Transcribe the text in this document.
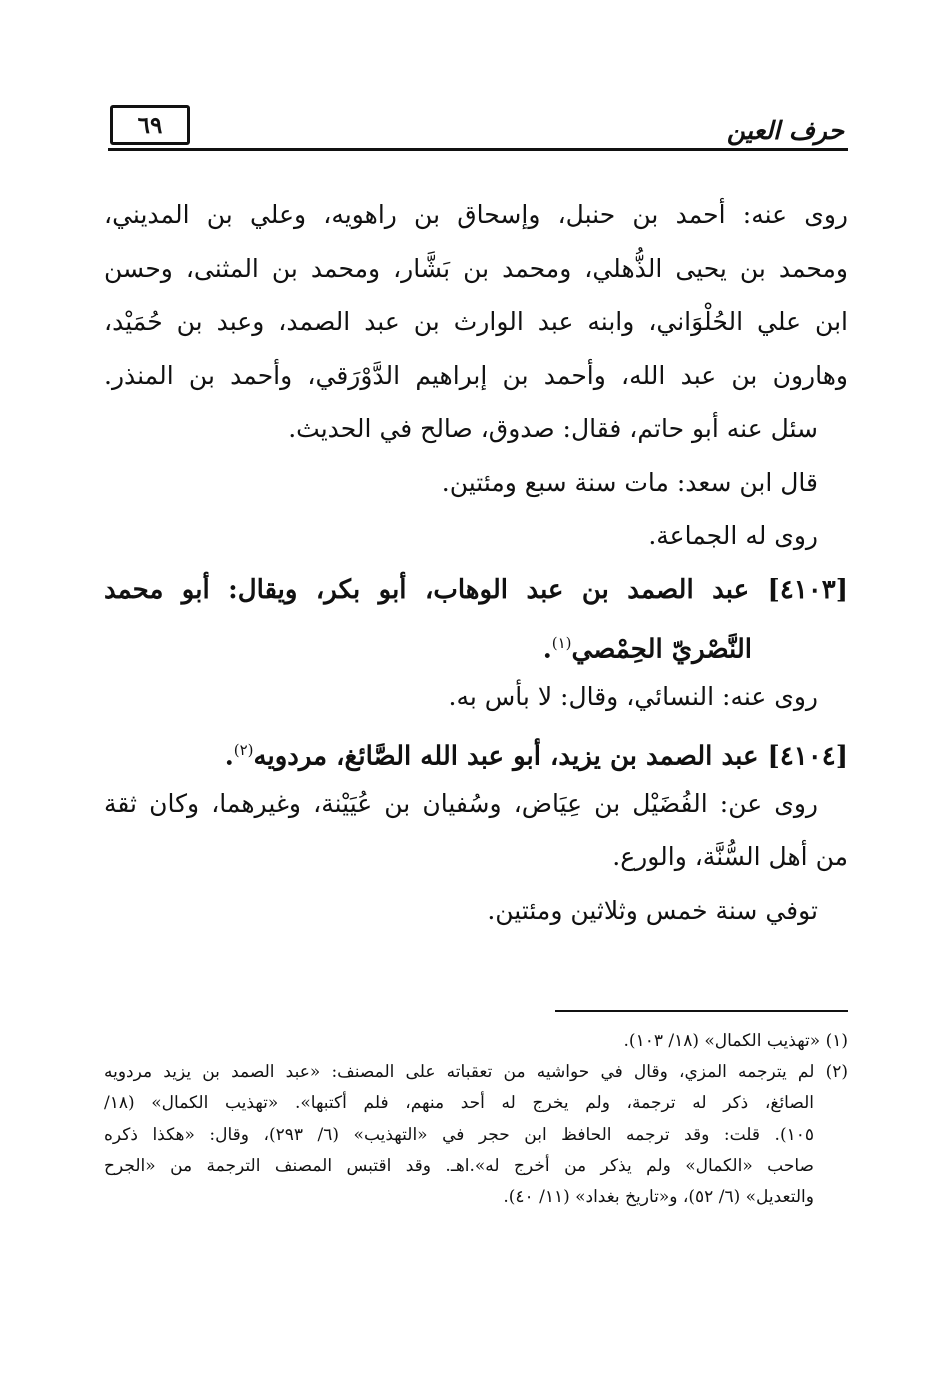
٦٩	حرف العين
روى عنه: أحمد بن حنبل، وإسحاق بن راهويه، وعلي بن المديني،
ومحمد بن يحيى الذُّهلي، ومحمد بن بَشَّار، ومحمد بن المثنى، وحسن
ابن علي الحُلْوَاني، وابنه عبد الوارث بن عبد الصمد، وعبد بن حُمَيْد،
وهارون بن عبد الله، وأحمد بن إبراهيم الدَّوْرَقي، وأحمد بن المنذر.
سئل عنه أبو حاتم، فقال: صدوق، صالح في الحديث.
قال ابن سعد: مات سنة سبع ومئتين.
روى له الجماعة.
[٤١٠٣] عبد الصمد بن عبد الوهاب، أبو بكر، ويقال: أبو محمد
النَّصْريّ الحِمْصي$^{(١)}$.
روى عنه: النسائي، وقال: لا بأس به.
[٤١٠٤] عبد الصمد بن يزيد، أبو عبد الله الصَّائغ، مردويه$^{(٢)}$.
روى عن: الفُضَيْل بن عِيَاض، وسُفيان بن عُيَيْنة، وغيرهما، وكان ثقة
من أهل السُّنَّة، والورع.
توفي سنة خمس وثلاثين ومئتين.
(١) «تهذيب الكمال» (١٨/ ١٠٣).
(٢) لم يترجمه المزي، وقال في حواشيه من تعقباته على المصنف: «عبد الصمد بن يزيد مردويه
الصائغ، ذكر له ترجمة، ولم يخرج له أحد منهم، فلم أكتبها». «تهذيب الكمال» (١٨/
١٠٥). قلت: وقد ترجمه الحافظ ابن حجر في «التهذيب» (٦/ ٢٩٣)، وقال: «هكذا ذكره
صاحب «الكمال» ولم يذكر من أخرج له».اهـ. وقد اقتبس المصنف الترجمة من «الجرح
والتعديل» (٦/ ٥٢)، و«تاريخ بغداد» (١١/ ٤٠).
